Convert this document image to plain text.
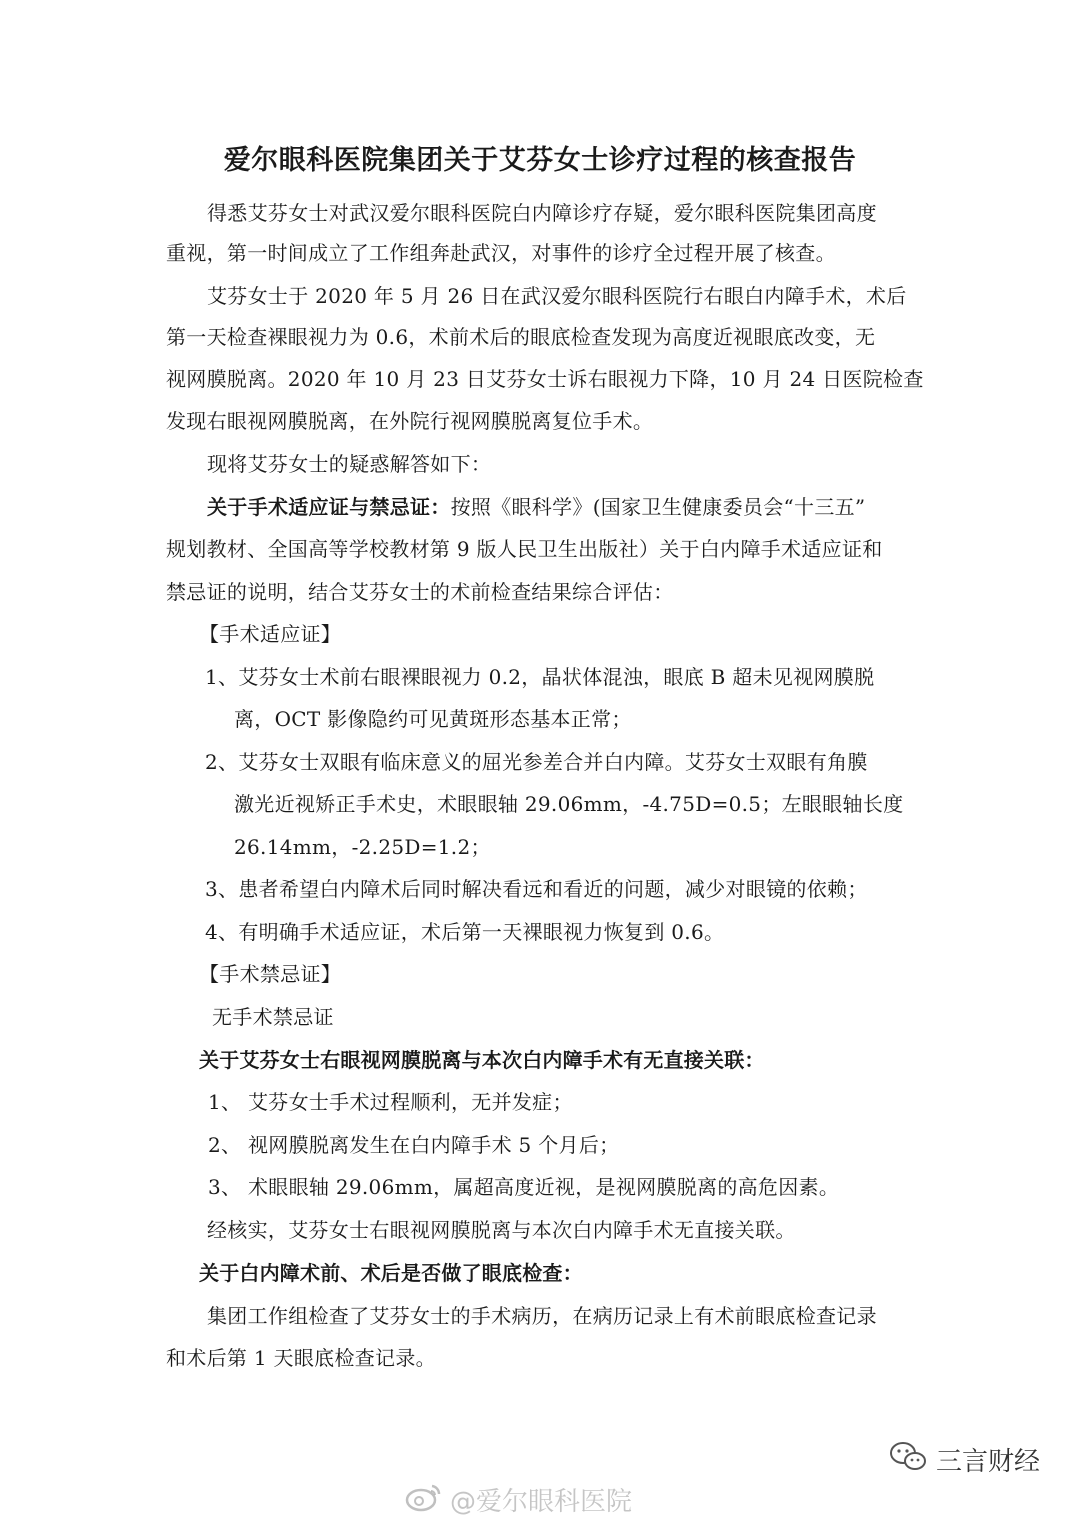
爱尔眼科医院集团关于艾芬女士诊疗过程的核查报告
得悉艾芬女士对武汉爱尔眼科医院白内障诊疗存疑，爱尔眼科医院集团高度
重视，第一时间成立了工作组奔赴武汉，对事件的诊疗全过程开展了核查。
艾芬女士于 2020 年 5 月 26 日在武汉爱尔眼科医院行右眼白内障手术，术后
第一天检查裸眼视力为 0.6，术前术后的眼底检查发现为高度近视眼底改变，无
视网膜脱离。2020 年 10 月 23 日艾芬女士诉右眼视力下降，10 月 24 日医院检查
发现右眼视网膜脱离，在外院行视网膜脱离复位手术。
现将艾芬女士的疑惑解答如下：
关于手术适应证与禁忌证：按照《眼科学》(国家卫生健康委员会“十三五”
规划教材、全国高等学校教材第 9 版人民卫生出版社）关于白内障手术适应证和
禁忌证的说明，结合艾芬女士的术前检查结果综合评估：
【手术适应证】
1、艾芬女士术前右眼裸眼视力 0.2，晶状体混浊，眼底 B 超未见视网膜脱
离，OCT 影像隐约可见黄斑形态基本正常；
2、艾芬女士双眼有临床意义的屈光参差合并白内障。艾芬女士双眼有角膜
激光近视矫正手术史，术眼眼轴 29.06mm，-4.75D=0.5；左眼眼轴长度
26.14mm，-2.25D=1.2；
3、患者希望白内障术后同时解决看远和看近的问题，减少对眼镜的依赖；
4、有明确手术适应证，术后第一天裸眼视力恢复到 0.6。
【手术禁忌证】
无手术禁忌证
关于艾芬女士右眼视网膜脱离与本次白内障手术有无直接关联：
1、 艾芬女士手术过程顺利，无并发症；
2、 视网膜脱离发生在白内障手术 5 个月后；
3、 术眼眼轴 29.06mm，属超高度近视，是视网膜脱离的高危因素。
经核实，艾芬女士右眼视网膜脱离与本次白内障手术无直接关联。
关于白内障术前、术后是否做了眼底检查：
集团工作组检查了艾芬女士的手术病历，在病历记录上有术前眼底检查记录
和术后第 1 天眼底检查记录。
@爱尔眼科医院
三言财经
